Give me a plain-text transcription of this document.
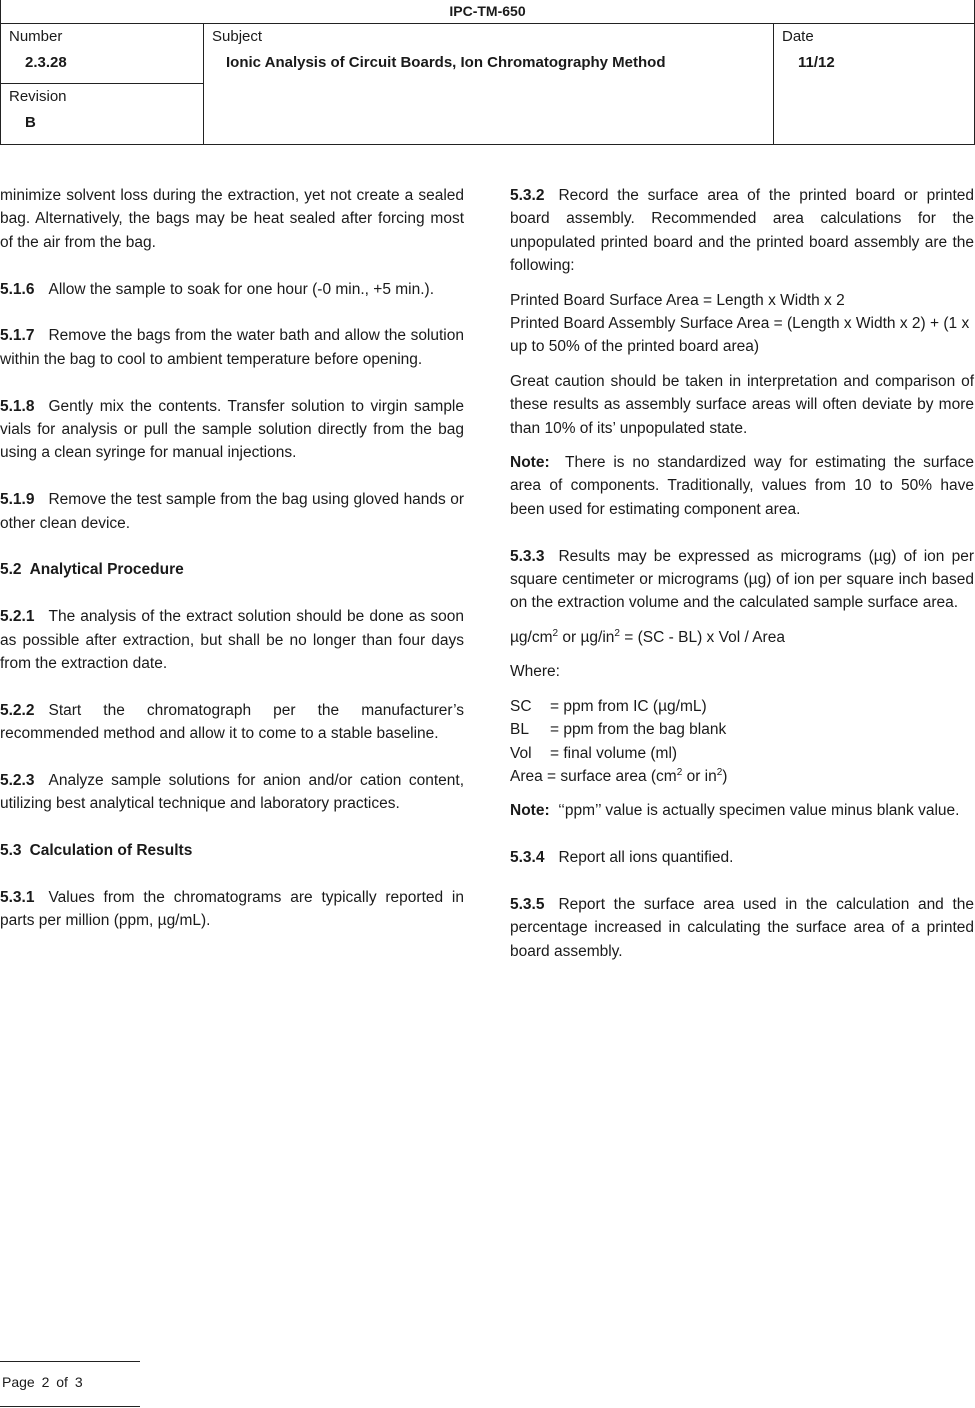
IPC-TM-650
Number
2.3.28
Revision
B
Subject
Ionic Analysis of Circuit Boards, Ion Chromatography Method
Date
11/12

minimize solvent loss during the extraction, yet not create a sealed bag. Alternatively, the bags may be heat sealed after forcing most of the air from the bag.

5.1.6 Allow the sample to soak for one hour (-0 min., +5 min.).

5.1.7 Remove the bags from the water bath and allow the solution within the bag to cool to ambient temperature before opening.

5.1.8 Gently mix the contents. Transfer solution to virgin sample vials for analysis or pull the sample solution directly from the bag using a clean syringe for manual injections.

5.1.9 Remove the test sample from the bag using gloved hands or other clean device.

5.2 Analytical Procedure

5.2.1 The analysis of the extract solution should be done as soon as possible after extraction, but shall be no longer than four days from the extraction date.

5.2.2 Start the chromatograph per the manufacturer’s recommended method and allow it to come to a stable baseline.

5.2.3 Analyze sample solutions for anion and/or cation content, utilizing best analytical technique and laboratory practices.

5.3 Calculation of Results

5.3.1 Values from the chromatograms are typically reported in parts per million (ppm, µg/mL).

5.3.2 Record the surface area of the printed board or printed board assembly. Recommended area calculations for the unpopulated printed board and the printed board assembly are the following:

Printed Board Surface Area = Length x Width x 2
Printed Board Assembly Surface Area = (Length x Width x 2) + (1 x up to 50% of the printed board area)

Great caution should be taken in interpretation and comparison of these results as assembly surface areas will often deviate by more than 10% of its’ unpopulated state.

Note: There is no standardized way for estimating the surface area of components. Traditionally, values from 10 to 50% have been used for estimating component area.

5.3.3 Results may be expressed as micrograms (µg) of ion per square centimeter or micrograms (µg) of ion per square inch based on the extraction volume and the calculated sample surface area.

$\mu g/cm^2$ or $\mu g/in^2 = (SC - BL)$ x Vol / Area

Where:

SC = ppm from IC (µg/mL)
BL = ppm from the bag blank
Vol = final volume (ml)
Area = surface area ($cm^2$ or $in^2$)

Note: ‘‘ppm’’ value is actually specimen value minus blank value.

5.3.4 Report all ions quantified.

5.3.5 Report the surface area used in the calculation and the percentage increased in calculating the surface area of a printed board assembly.

Page 2 of 3
